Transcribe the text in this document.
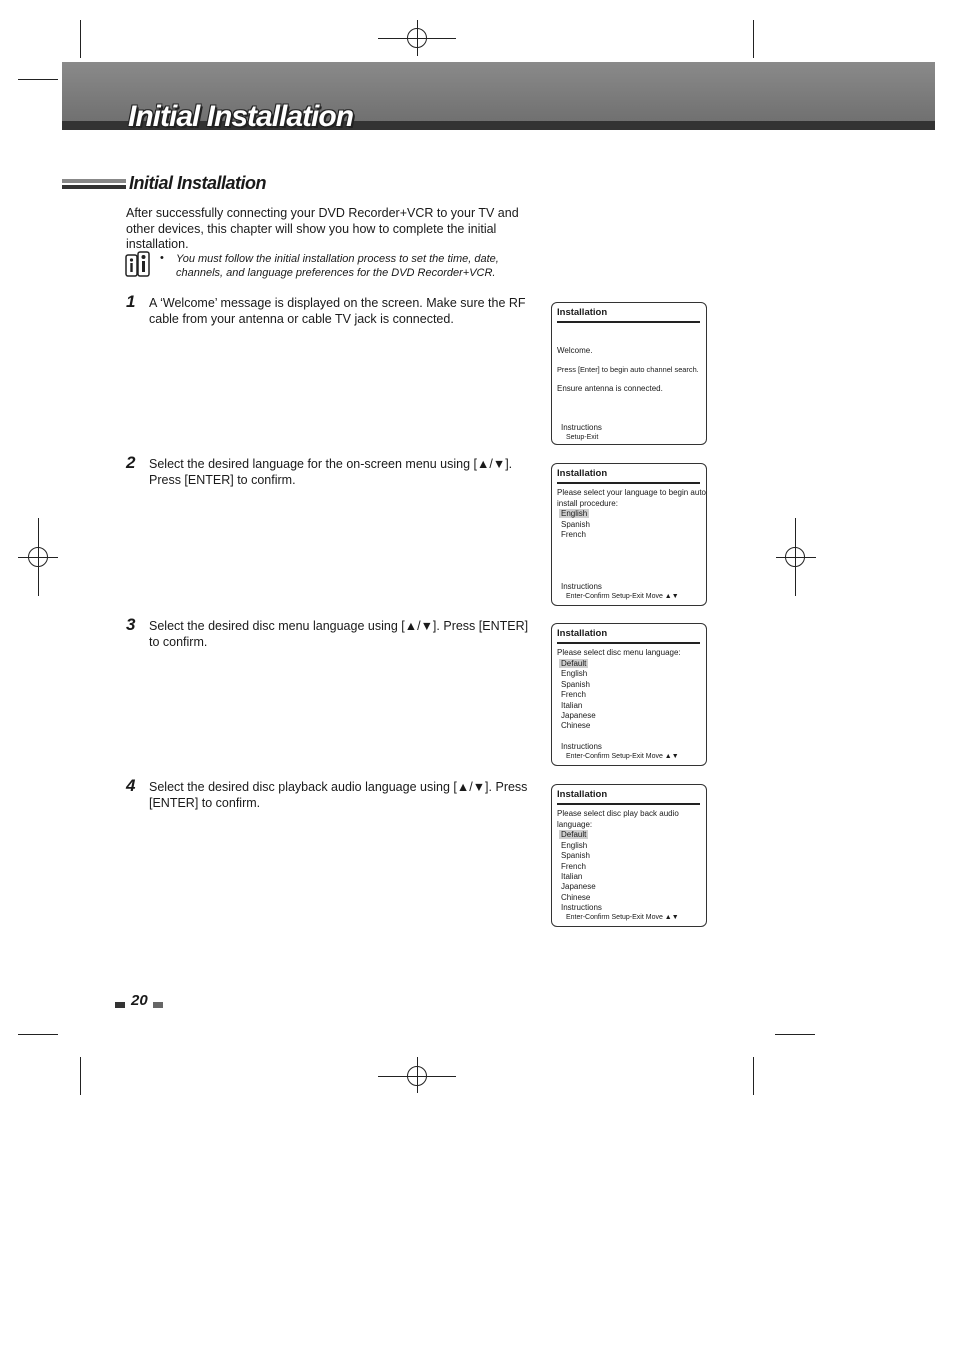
Initial Installation
Initial Installation
After successfully connecting your DVD Recorder+VCR to your TV and other devices, this chapter will show you how to complete the initial installation.
• You must follow the initial installation process to set the time, date, channels, and language preferences for the DVD Recorder+VCR.
1 A ‘Welcome’ message is displayed on the screen. Make sure the RF cable from your antenna or cable TV jack is connected.
2 Select the desired language for the on-screen menu using [▲/▼]. Press [ENTER] to confirm.
3 Select the desired disc menu language using [▲/▼]. Press [ENTER] to confirm.
4 Select the desired disc playback audio language using [▲/▼]. Press [ENTER] to confirm.
Installation
Welcome.
Press [Enter] to begin auto channel search.
Ensure antenna is connected.
Instructions
Setup-Exit
Installation
Please select your language to begin auto
install procedure:
English
Spanish
French
Instructions
Enter-Confirm Setup-Exit Move ▲▼
Installation
Please select disc menu language:
Default
English
Spanish
French
Italian
Japanese
Chinese
Instructions
Enter-Confirm Setup-Exit Move ▲▼
Installation
Please select disc play back audio
language:
Default
English
Spanish
French
Italian
Japanese
Chinese
Instructions
Enter-Confirm Setup-Exit Move ▲▼
20
